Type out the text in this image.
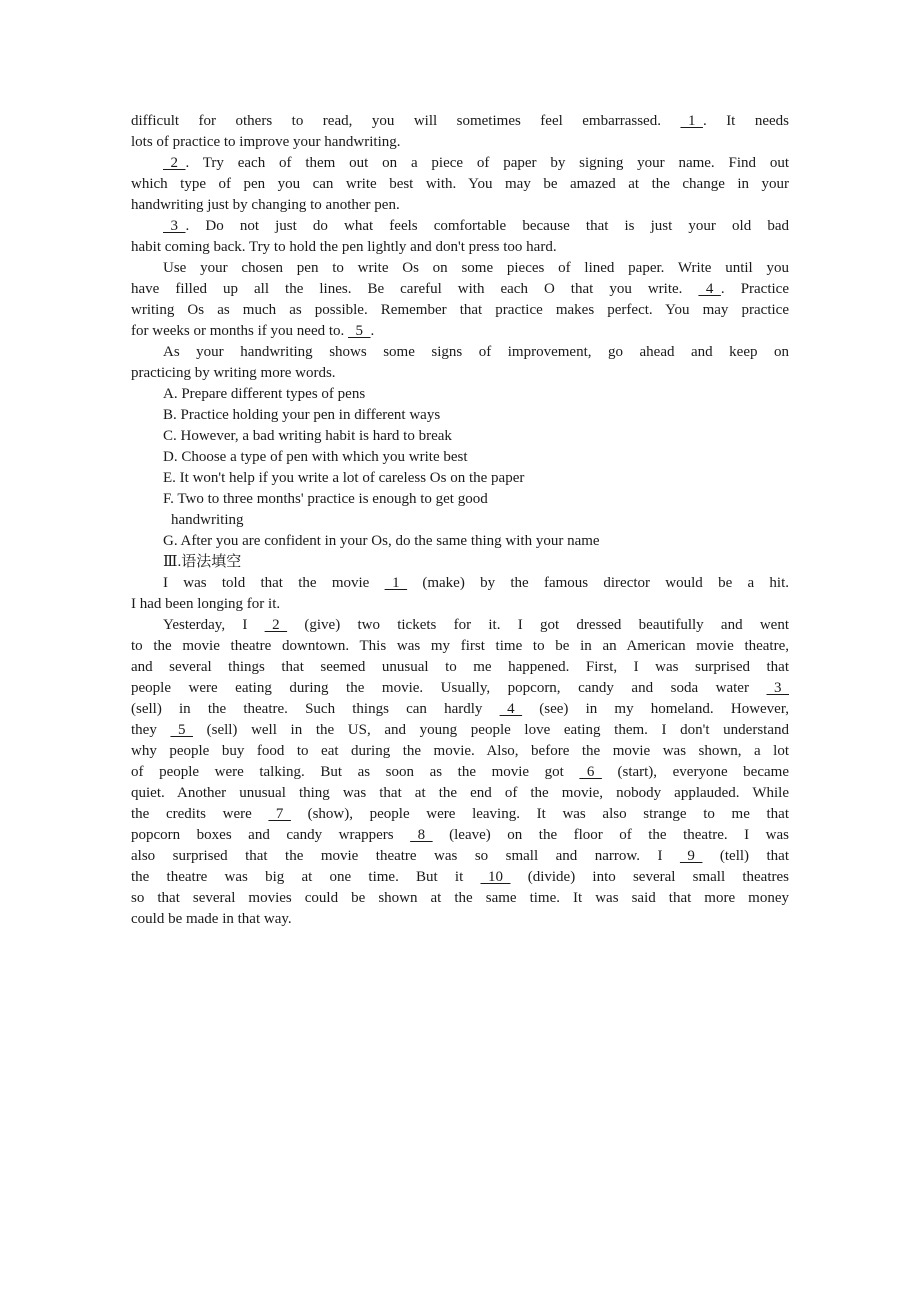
difficult for others to read, you will sometimes feel embarrassed.   1  . It needs
lots of practice to improve your handwriting.
2  . Try each of them out on a piece of paper by signing your name. Find out
which type of pen you can write best with. You may be amazed at the change in your
handwriting just by changing to another pen.
3  . Do not just do what feels comfortable because that is just your old bad
habit coming back. Try to hold the pen lightly and don't press too hard.
Use your chosen pen to write Os on some pieces of lined paper. Write until you
have filled up all the lines. Be careful with each O that you write.   4  . Practice
writing Os as much as possible. Remember that practice makes perfect. You may practice
for weeks or months if you need to.   5  .
As your handwriting shows some signs of improvement, go ahead and keep on
practicing by writing more words.
A. Prepare different types of pens
B. Practice holding your pen in different ways
C. However, a bad writing habit is hard to break
D. Choose a type of pen with which you write best
E. It won't help if you write a lot of careless Os on the paper
F. Two to three months' practice is enough to get good
handwriting
G. After you are confident in your Os, do the same thing with your name
Ⅲ.语法填空
I was told that the movie   1   (make) by the famous director would be a hit.
I had been longing for it.
Yesterday, I   2   (give) two tickets for it. I got dressed beautifully and went
to the movie theatre downtown. This was my first time to be in an American movie theatre,
and several things that seemed unusual to me happened. First, I was surprised that
people were eating during the movie. Usually, popcorn, candy and soda water   3
(sell) in the theatre. Such things can hardly   4   (see) in my homeland. However,
they   5   (sell) well in the US, and young people love eating them. I don't understand
why people buy food to eat during the movie. Also, before the movie was shown, a lot
of people were talking. But as soon as the movie got   6   (start), everyone became
quiet. Another unusual thing was that at the end of the movie, nobody applauded. While
the credits were   7   (show), people were leaving. It was also strange to me that
popcorn boxes and candy wrappers   8   (leave) on the floor of the theatre. I was
also surprised that the movie theatre was so small and narrow. I   9   (tell) that
the theatre was big at one time. But it   10   (divide) into several small theatres
so that several movies could be shown at the same time. It was said that more money
could be made in that way.
